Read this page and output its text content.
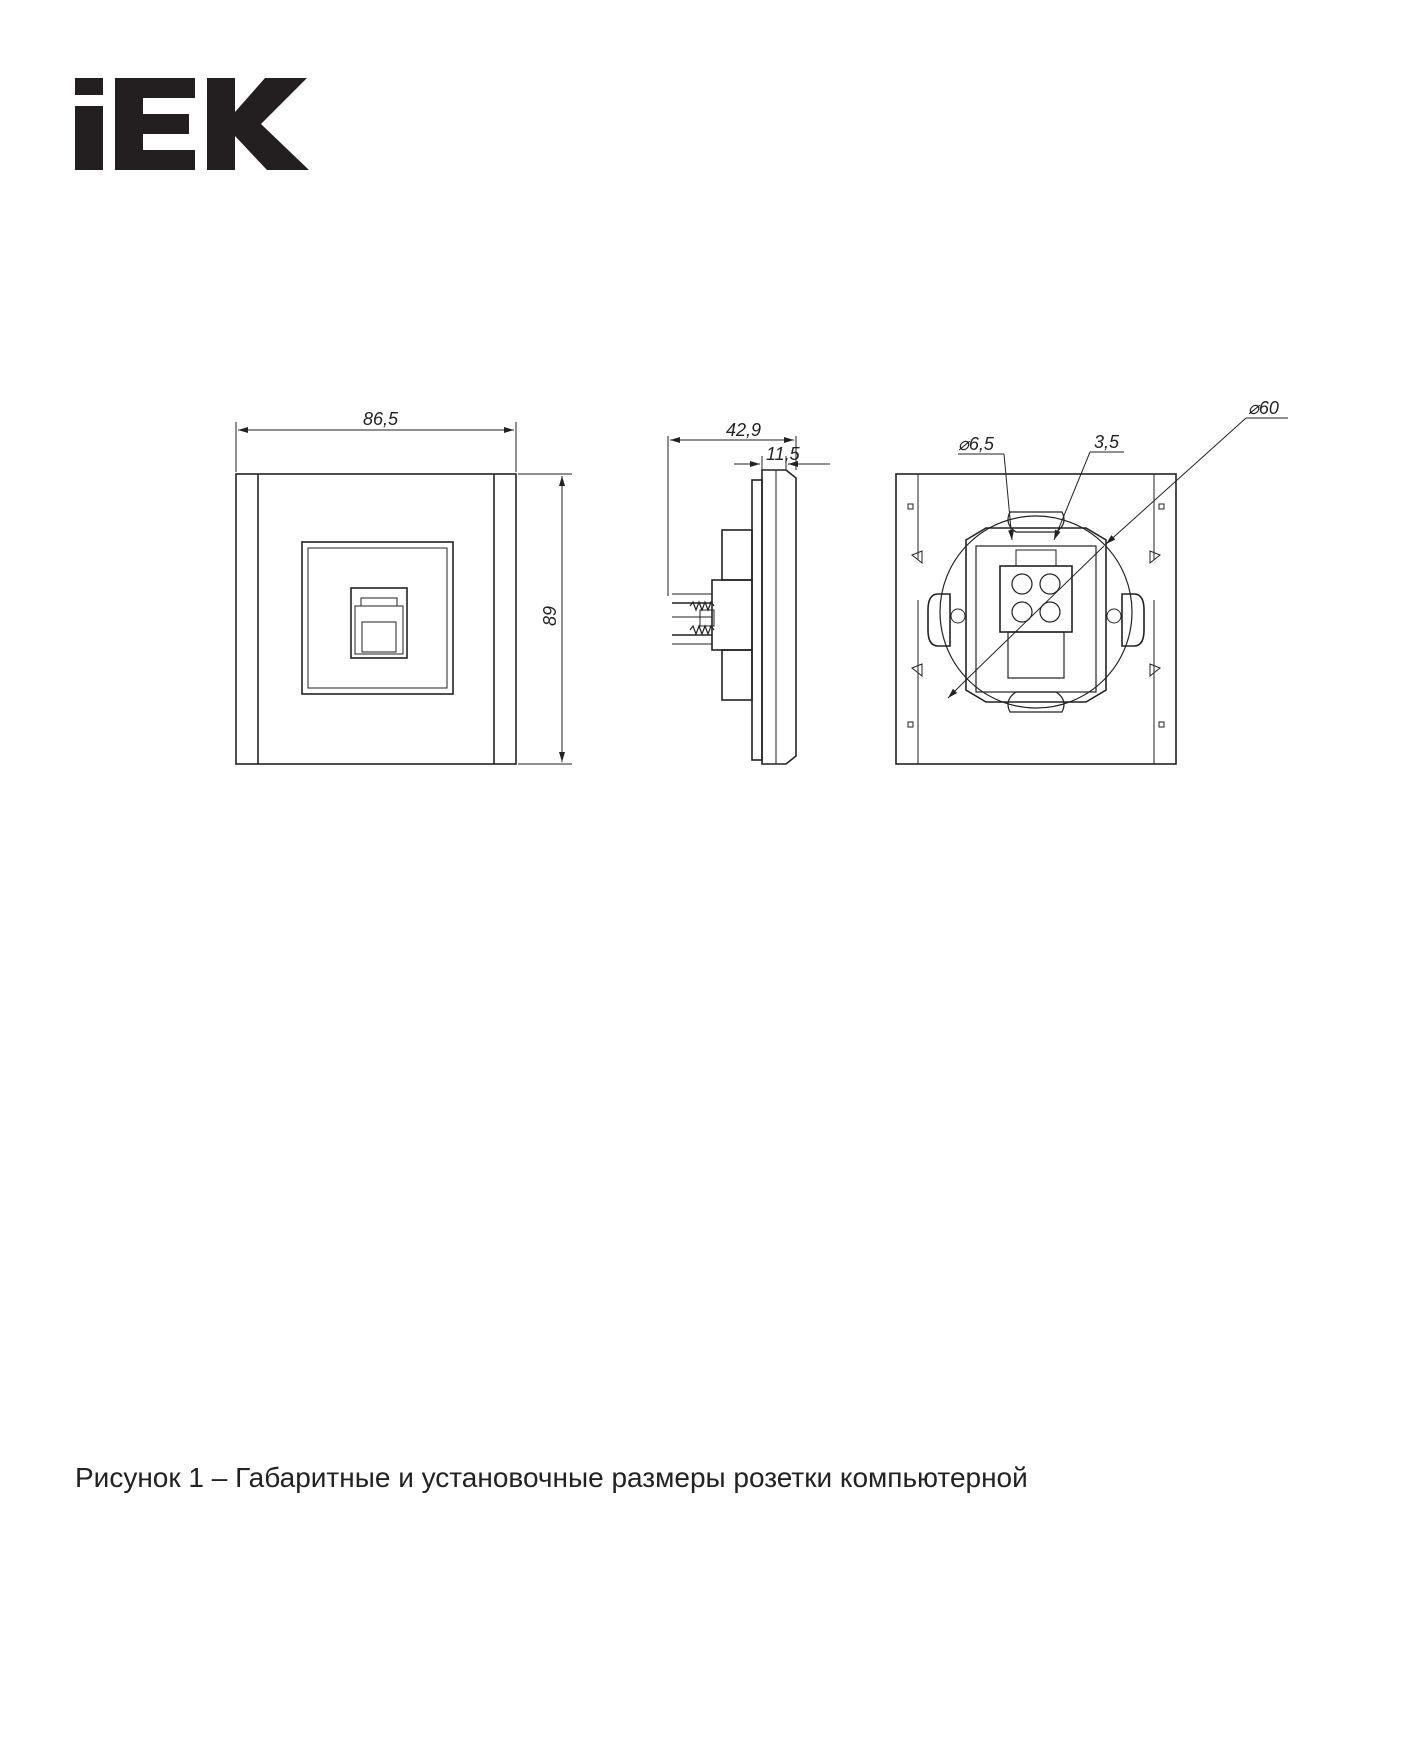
86,5
89
42,9
11,5	⌀6,5	3,5
⌀60
Рисунок 1 – Габаритные и установочные размеры розетки компьютерной
